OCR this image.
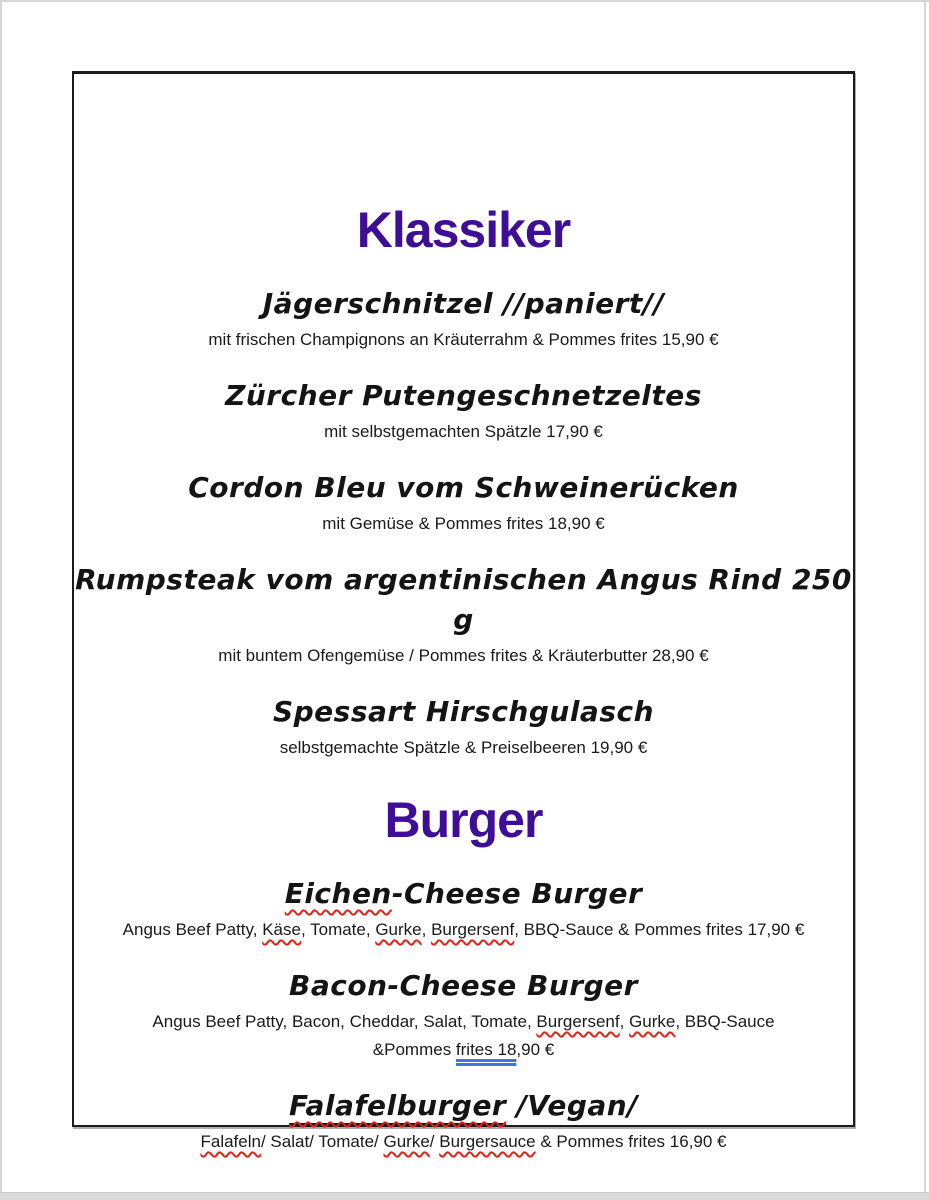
Klassiker
Jägerschnitzel //paniert//
mit frischen Champignons an Kräuterrahm & Pommes frites 15,90 €
Zürcher Putengeschnetzeltes
mit selbstgemachten Spätzle 17,90 €
Cordon Bleu vom Schweinerücken
mit Gemüse & Pommes frites 18,90 €
Rumpsteak vom argentinischen Angus Rind 250 g
mit buntem Ofengemüse / Pommes frites & Kräuterbutter 28,90 €
Spessart Hirschgulasch
selbstgemachte Spätzle & Preiselbeeren 19,90 €
Burger
Eichen-Cheese Burger
Angus Beef Patty, Käse, Tomate, Gurke, Burgersenf, BBQ-Sauce & Pommes frites 17,90 €
Bacon-Cheese Burger
Angus Beef Patty, Bacon, Cheddar, Salat, Tomate, Burgersenf, Gurke, BBQ-Sauce
&Pommes frites 18,90 €
Falafelburger /Vegan/
Falafeln/ Salat/ Tomate/ Gurke/ Burgersauce & Pommes frites 16,90 €
